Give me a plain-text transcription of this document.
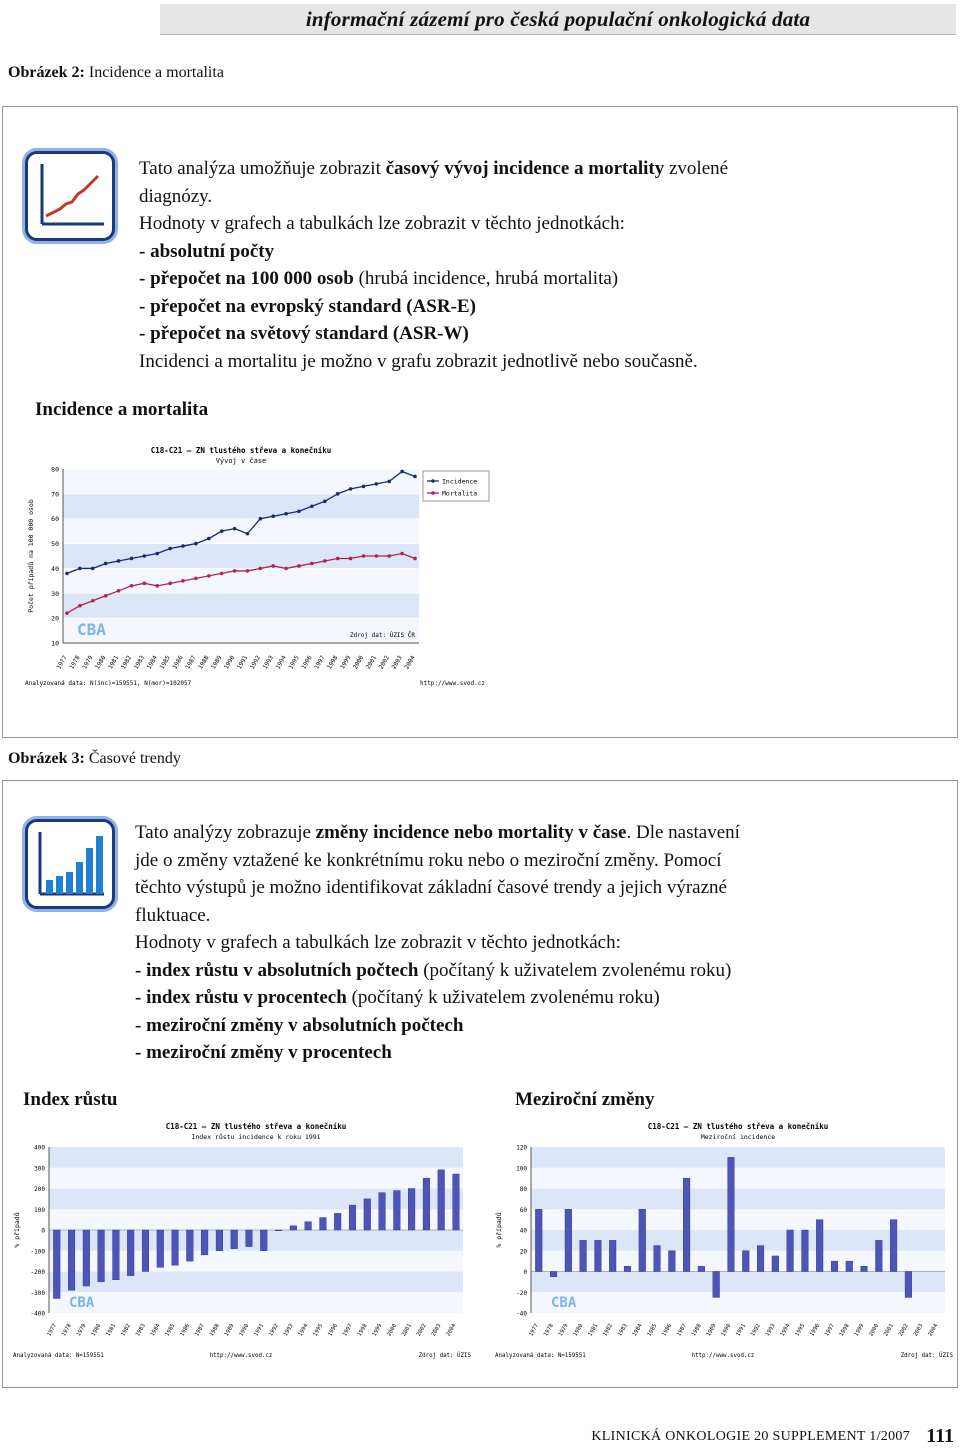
informační zázemí pro česká populační onkologická data
Obrázek 2: Incidence a mortalita
Tato analýza umožňuje zobrazit časový vývoj incidence a mortality zvolené
diagnózy.
Hodnoty v grafech a tabulkách lze zobrazit v těchto jednotkách:
- absolutní počty
- přepočet na 100 000 osob (hrubá incidence, hrubá mortalita)
- přepočet na evropský standard (ASR-E)
- přepočet na světový standard (ASR-W)
Incidenci a mortalitu je možno v grafu zobrazit jednotlivě nebo současně.
Incidence a mortalita
C18-C21 – ZN tlustého střeva a konečníku
Vývoj v čase
10
20
30
40
50
60
70
80
Počet případů na 100 000 osob
1977 1978 1979 1980 1981 1982 1983 1984 1985 1986 1987 1988 1989 1990 1991 1992 1993 1994 1995 1996 1997 1998 1999 2000 2001 2002 2003 2004
Incidence
Mortalita
CBA	Zdroj dat: ÚZIS ČR
Analyzovaná data: N(inc)=159551, N(mor)=102057	http://www.svod.cz
Obrázek 3: Časové trendy
Tato analýzy zobrazuje změny incidence nebo mortality v čase. Dle nastavení
jde o změny vztažené ke konkrétnímu roku nebo o meziroční změny. Pomocí
těchto výstupů je možno identifikovat základní časové trendy a jejich výrazné
fluktuace.
Hodnoty v grafech a tabulkách lze zobrazit v těchto jednotkách:
- index růstu v absolutních počtech (počítaný k uživatelem zvolenému roku)
- index růstu v procentech (počítaný k uživatelem zvolenému roku)
- meziroční změny v absolutních počtech
- meziroční změny v procentech
Index růstu	Meziroční změny
C18-C21 – ZN tlustého střeva a konečníku
Index růstu incidence k roku 1991
-400
-300
-200
-100
0
100
200
300
400
% případů
1977 1978 1979 1980 1981 1982 1983 1984 1985 1986 1987 1988 1989 1990 1991 1992 1993 1994 1995 1996 1997 1998 1999 2000 2001 2002 2003 2004
CBA
Analyzovaná data: N=159551	http://www.svod.cz	Zdroj dat: ÚZIS
C18-C21 – ZN tlustého střeva a konečníku
Meziroční incidence
-40
-20
0
20
40
60
80
100
120
% případů
1977 1978 1979 1980 1981 1982 1983 1984 1985 1986 1987 1988 1989 1990 1991 1992 1993 1994 1995 1996 1997 1998 1999 2000 2001 2002 2003 2004
CBA
Analyzovaná data: N=159551	http://www.svod.cz	Zdroj dat: ÚZIS
KLINICKÁ ONKOLOGIE 20 SUPPLEMENT 1/2007 111
